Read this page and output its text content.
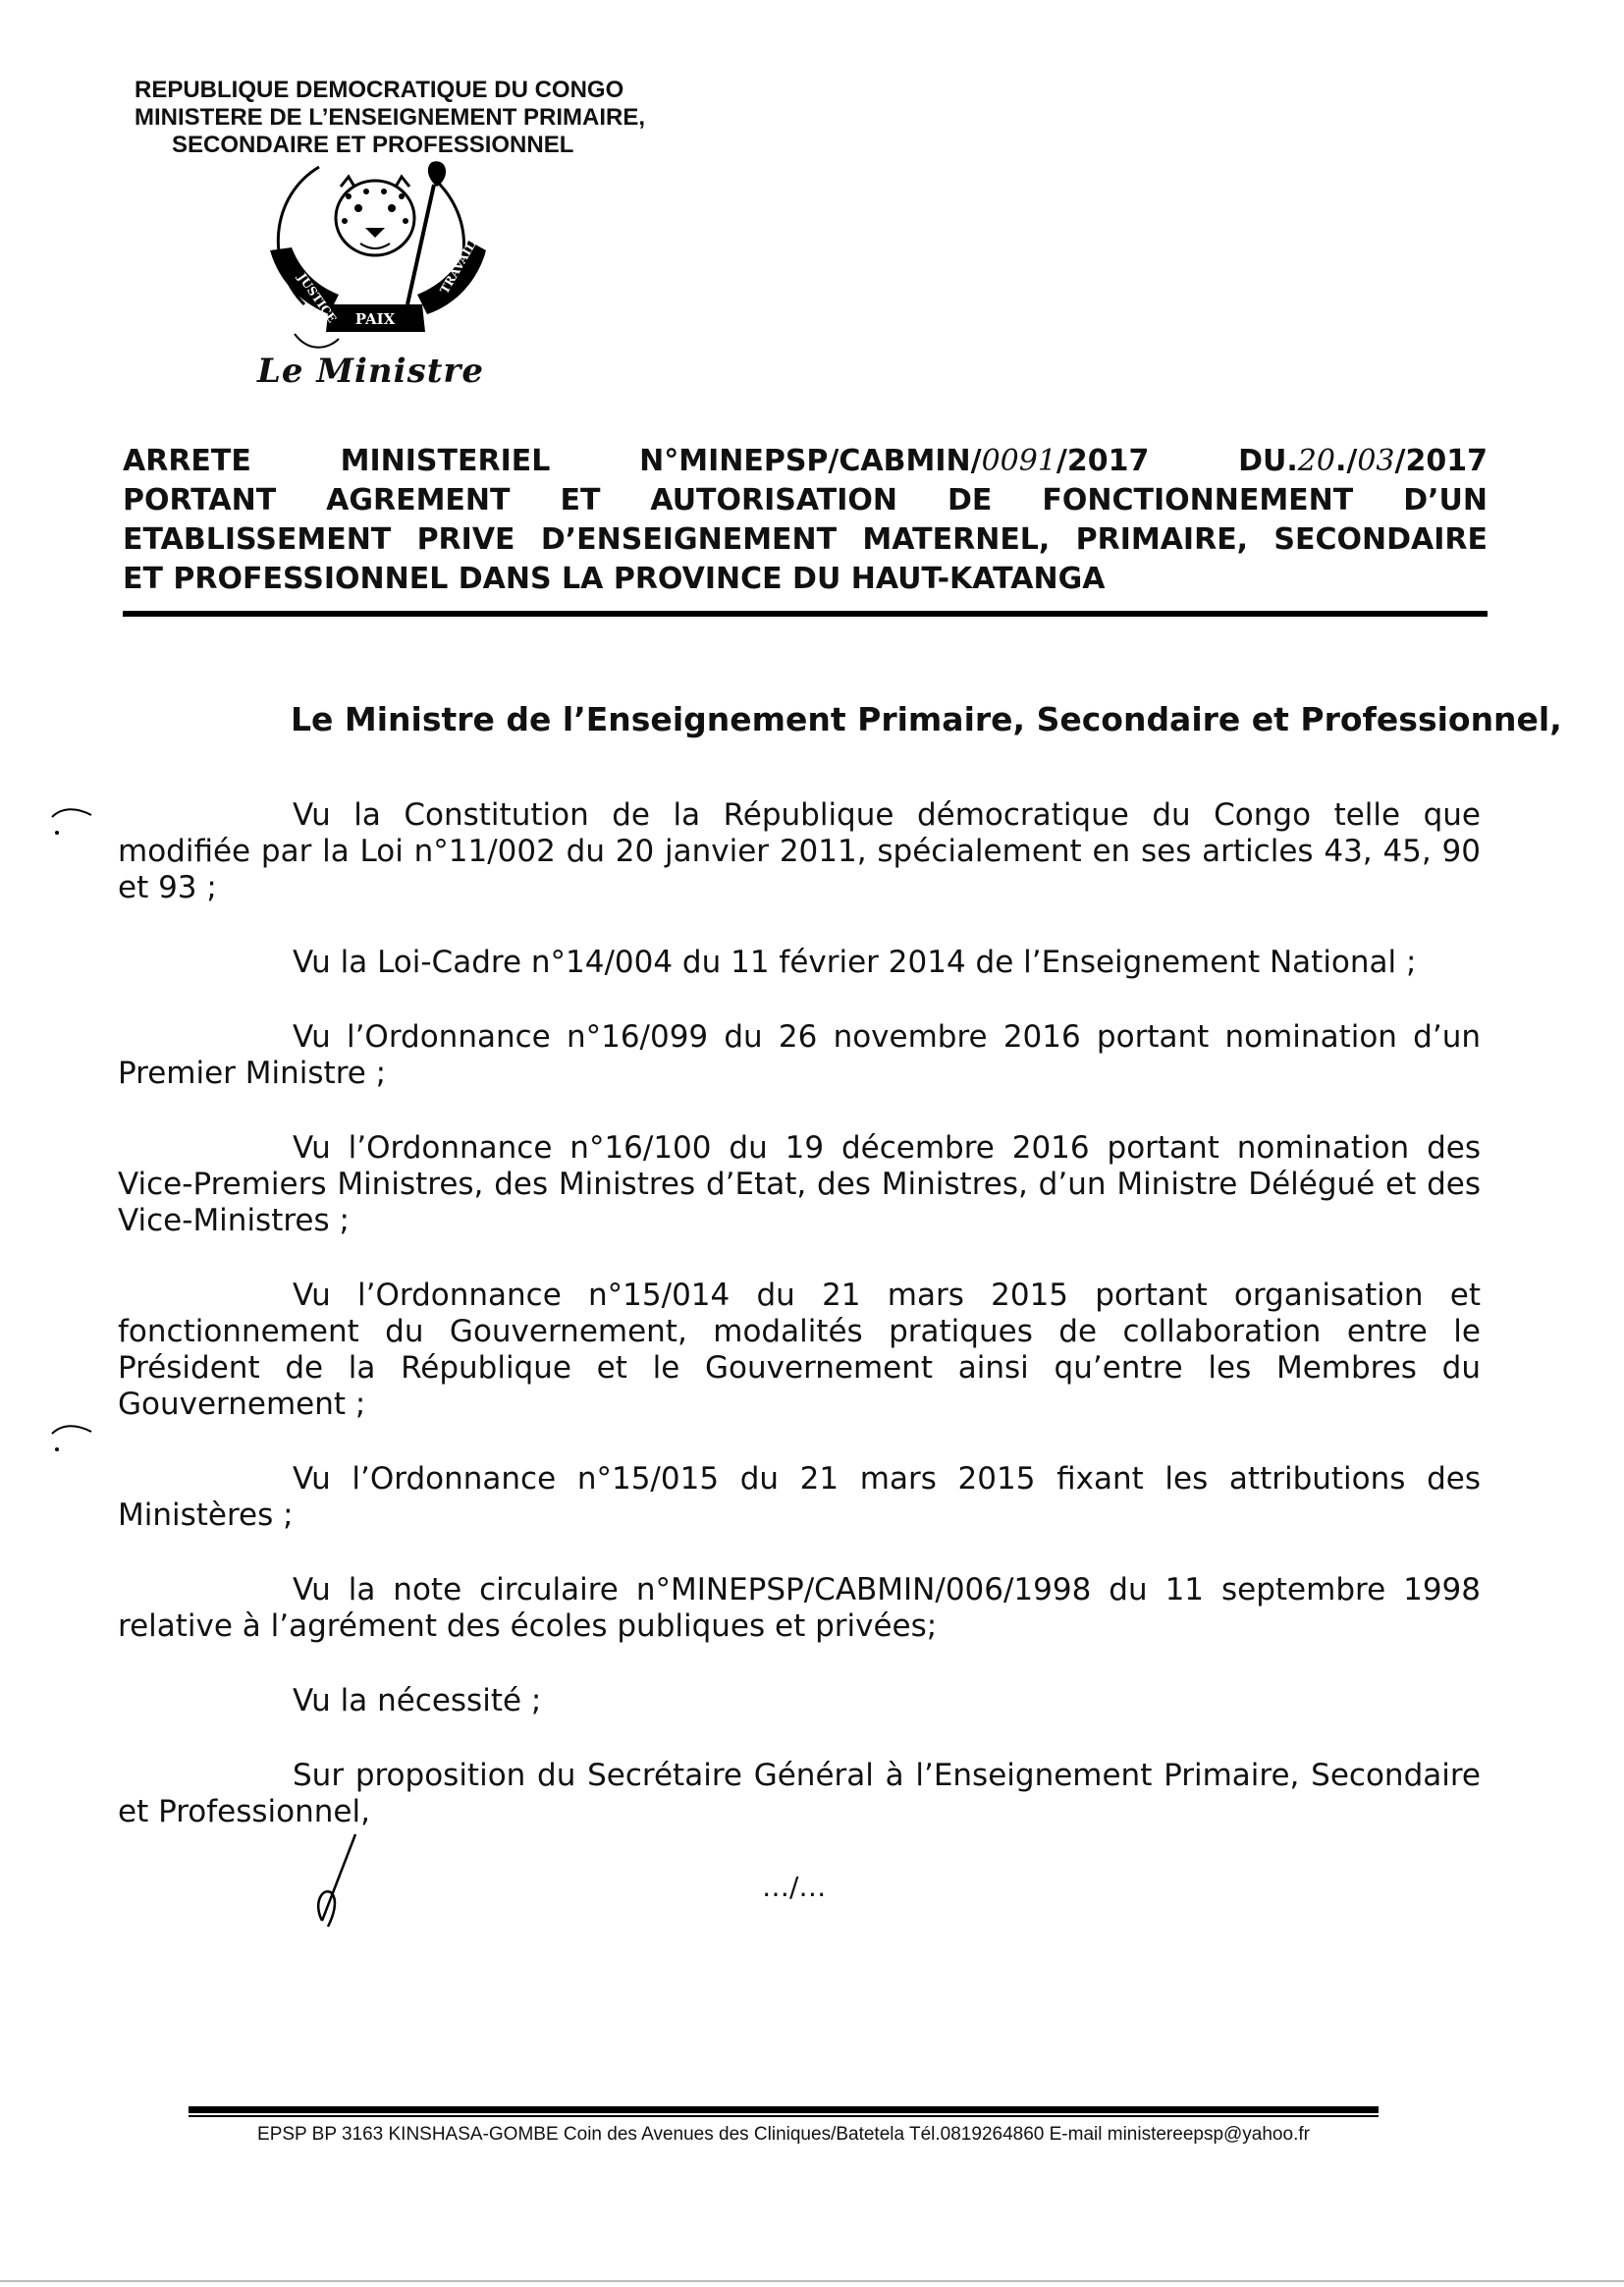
REPUBLIQUE DEMOCRATIQUE DU CONGO
MINISTERE DE L’ENSEIGNEMENT PRIMAIRE,
SECONDAIRE ET PROFESSIONNEL
JUSTICE PAIX
TRAVAIL
Le Ministre
ARRETE	MINISTERIEL	N°MINEPSP/CABMIN/0091/2017	DU.20./03/2017
PORTANT AGREMENT ET AUTORISATION DE FONCTIONNEMENT D’UN
ETABLISSEMENT PRIVE D’ENSEIGNEMENT MATERNEL, PRIMAIRE, SECONDAIRE
ET PROFESSIONNEL DANS LA PROVINCE DU HAUT-KATANGA
Le Ministre de l’Enseignement Primaire, Secondaire et Professionnel,

Vu la Constitution de la République démocratique du Congo telle que modifiée par la Loi n°11/002 du 20 janvier 2011, spécialement en ses articles 43, 45, 90 et 93 ;

Vu la Loi-Cadre n°14/004 du 11 février 2014 de l’Enseignement National ;

Vu l’Ordonnance n°16/099 du 26 novembre 2016 portant nomination d’un Premier Ministre ;

Vu l’Ordonnance n°16/100 du 19 décembre 2016 portant nomination des Vice-Premiers Ministres, des Ministres d’Etat, des Ministres, d’un Ministre Délégué et des Vice-Ministres ;

Vu l’Ordonnance n°15/014 du 21 mars 2015 portant organisation et fonctionnement du Gouvernement, modalités pratiques de collaboration entre le Président de la République et le Gouvernement ainsi qu’entre les Membres du Gouvernement ;

Vu l’Ordonnance n°15/015 du 21 mars 2015 fixant les attributions des Ministères ;

Vu la note circulaire n°MINEPSP/CABMIN/006/1998 du 11 septembre 1998 relative à l’agrément des écoles publiques et privées;

Vu la nécessité ;

Sur proposition du Secrétaire Général à l’Enseignement Primaire, Secondaire et Professionnel,

…/…
EPSP BP 3163 KINSHASA-GOMBE Coin des Avenues des Cliniques/Batetela Tél.0819264860 E-mail ministereepsp@yahoo.fr
